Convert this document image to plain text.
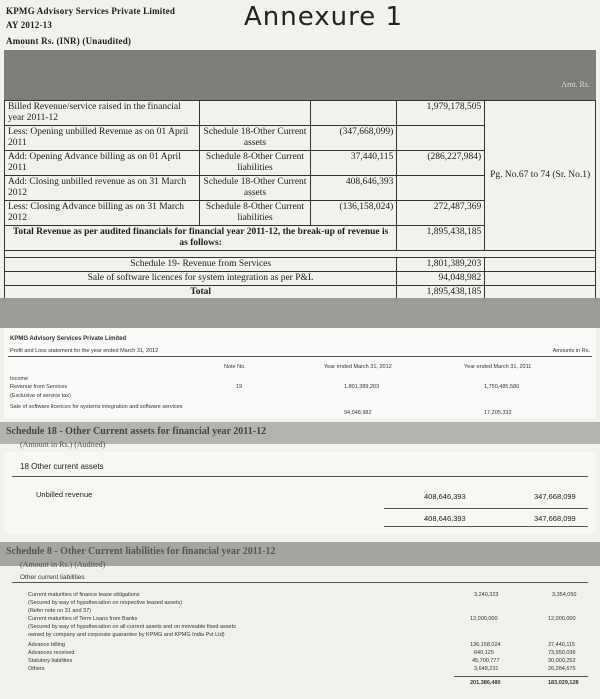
KPMG Advisory Services Private Limited
AY 2012-13
Amount Rs. (INR) (Unaudited)
Annexure 1
Amt. Rs.
Billed Revenue/service raised in the financial year 2011-12			1,979,178,505	Pg. No.67 to 74 (Sr. No.1)
Less: Opening unbilled Revenue as on 01 April 2011	Schedule 18-Other Current assets	(347,668,099)		
Add: Opening Advance billing as on 01 April 2011	Schedule 8-Other Current liabilities	37,440,115	(286,227,984)	
Add: Closing unbilled revenue as on 31 March 2012	Schedule 18-Other Current assets	408,646,393		
Less: Closing Advance billing as on 31 March 2012	Schedule 8-Other Current liabilities	(136,158,024)	272,487,369	
Total Revenue as per audited financials for financial year 2011-12, the break-up of revenue is as follows:			1,895,438,185	

Schedule 19- Revenue from Services			1,801,389,203	
Sale of software licences for system integration as per P&L			94,048,982	
Total			1,895,438,185	
KPMG Advisory Services Private Limited
Profit and Loss statement for the year ended March 31, 2012	Amounts in Rs.
Note No.	Year ended March 31, 2012	Year ended March 31, 2011
Income
Revenue from Services	19	1,801,389,203	1,750,485,580
(Exclusive of service tax)
Sale of software licences for systems integration and software services
94,048,982	17,205,332
Schedule 18 - Other Current assets for financial year 2011-12
(Amount in Rs.) (Audited)
18 Other current assets
Unbilled revenue	408,646,393	347,668,099
408,646,393	347,668,099
Schedule 8 - Other Current liabilities for financial year 2011-12
(Amount in Rs.) (Audited)
Other current liabilities
Current maturities of finance lease obligations	3,240,323	3,354,050
(Secured by way of hypothecation on respective leased assets)
(Refer note no 31 and 37)
Current maturities of Term Loans from Banks	12,000,000	12,000,000
(Secured by way of hypothecation on all current assets and on moveable fixed assets
owned by company and corporate guarantee by KPMG and KPMG India Pvt Ltd)
Advance billing	136,158,024	37,440,115
Advances received	640,125	73,950,036
Statutory liabilities	45,700,777	30,000,252
Others	3,648,231	26,284,675
201,386,480	183,029,128
